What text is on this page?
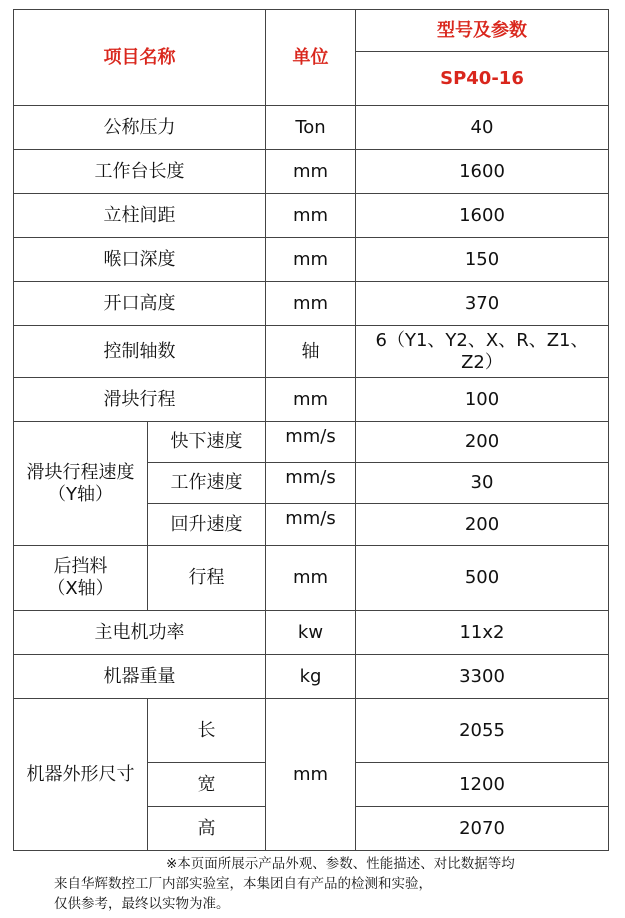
项目名称		单位	型号及参数
			SP40-16
公称压力		Ton	40
工作台长度		mm	1600
立柱间距		mm	1600
喉口深度		mm	150
开口高度		mm	370
控制轴数		轴	6（Y1、Y2、X、R、Z1、Z2）
滑块行程		mm	100

滑块行程速度
（Y轴）	快下速度	mm/s	200
	工作速度	mm/s	30
	回升速度	mm/s	200

后挡料
（X轴）	行程	mm	500
主电机功率		kw	11x2
机器重量		kg	3300
机器外形尺寸	长	mm	2055
	宽		1200
	高		2070
※本页面所展示产品外观、参数、性能描述、对比数据等均
来自华辉数控工厂内部实验室，本集团自有产品的检测和实验，
仅供参考，最终以实物为准。
